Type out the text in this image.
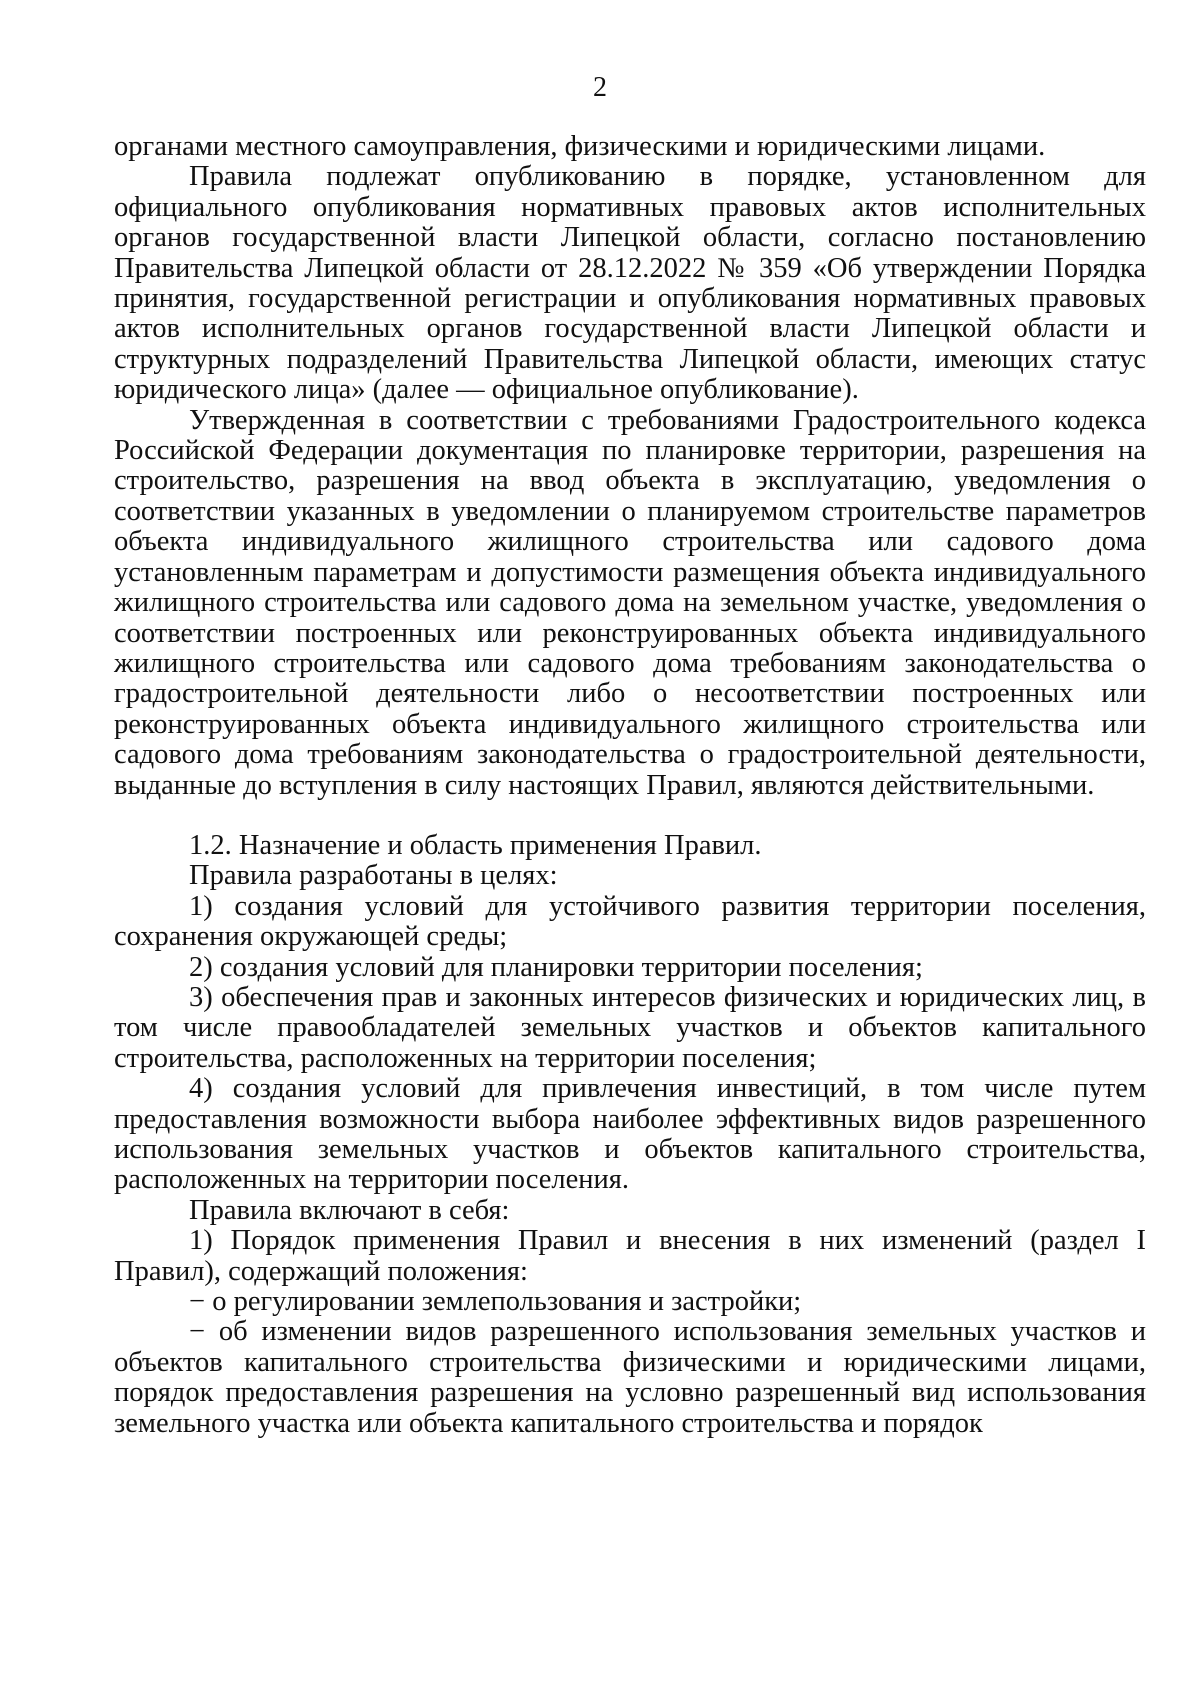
2

органами местного самоуправления, физическими и юридическими лицами.

Правила подлежат опубликованию в порядке, установленном для официального опубликования нормативных правовых актов исполнительных органов государственной власти Липецкой области, согласно постановлению Правительства Липецкой области от 28.12.2022 № 359 «Об утверждении Порядка принятия, государственной регистрации и опубликования нормативных правовых актов исполнительных органов государственной власти Липецкой области и структурных подразделений Правительства Липецкой области, имеющих статус юридического лица» (далее — официальное опубликование).

Утвержденная в соответствии с требованиями Градостроительного кодекса Российской Федерации документация по планировке территории, разрешения на строительство, разрешения на ввод объекта в эксплуатацию, уведомления о соответствии указанных в уведомлении о планируемом строительстве параметров объекта индивидуального жилищного строительства или садового дома установленным параметрам и допустимости размещения объекта индивидуального жилищного строительства или садового дома на земельном участке, уведомления о соответствии построенных или реконструированных объекта индивидуального жилищного строительства или садового дома требованиям законодательства о градостроительной деятельности либо о несоответствии построенных или реконструированных объекта индивидуального жилищного строительства или садового дома требованиям законодательства о градостроительной деятельности, выданные до вступления в силу настоящих Правил, являются действительными.

1.2. Назначение и область применения Правил.

Правила разработаны в целях:

1) создания условий для устойчивого развития территории поселения, сохранения окружающей среды;

2) создания условий для планировки территории поселения;

3) обеспечения прав и законных интересов физических и юридических лиц, в том числе правообладателей земельных участков и объектов капитального строительства, расположенных на территории поселения;

4) создания условий для привлечения инвестиций, в том числе путем предоставления возможности выбора наиболее эффективных видов разрешенного использования земельных участков и объектов капитального строительства, расположенных на территории поселения.

Правила включают в себя:

1) Порядок применения Правил и внесения в них изменений (раздел I Правил), содержащий положения:

− о регулировании землепользования и застройки;

− об изменении видов разрешенного использования земельных участков и объектов капитального строительства физическими и юридическими лицами, порядок предоставления разрешения на условно разрешенный вид использования земельного участка или объекта капитального строительства и порядок
